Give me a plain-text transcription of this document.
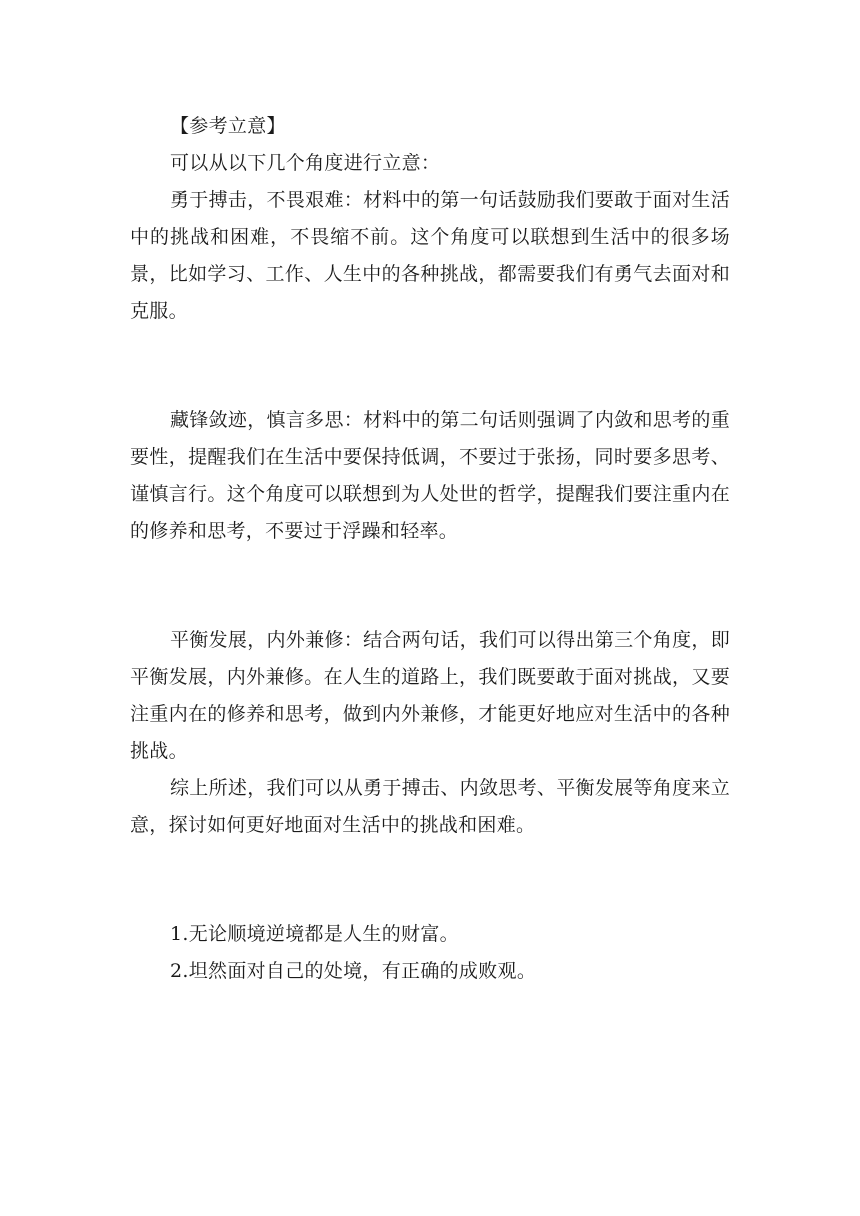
【参考立意】

可以从以下几个角度进行立意：

勇于搏击，不畏艰难：材料中的第一句话鼓励我们要敢于面对生活中的挑战和困难，不畏缩不前。这个角度可以联想到生活中的很多场景，比如学习、工作、人生中的各种挑战，都需要我们有勇气去面对和克服。

藏锋敛迹，慎言多思：材料中的第二句话则强调了内敛和思考的重要性，提醒我们在生活中要保持低调，不要过于张扬，同时要多思考、谨慎言行。这个角度可以联想到为人处世的哲学，提醒我们要注重内在的修养和思考，不要过于浮躁和轻率。

平衡发展，内外兼修：结合两句话，我们可以得出第三个角度，即平衡发展，内外兼修。在人生的道路上，我们既要敢于面对挑战，又要注重内在的修养和思考，做到内外兼修，才能更好地应对生活中的各种挑战。

综上所述，我们可以从勇于搏击、内敛思考、平衡发展等角度来立意，探讨如何更好地面对生活中的挑战和困难。

1.无论顺境逆境都是人生的财富。

2.坦然面对自己的处境，有正确的成败观。
